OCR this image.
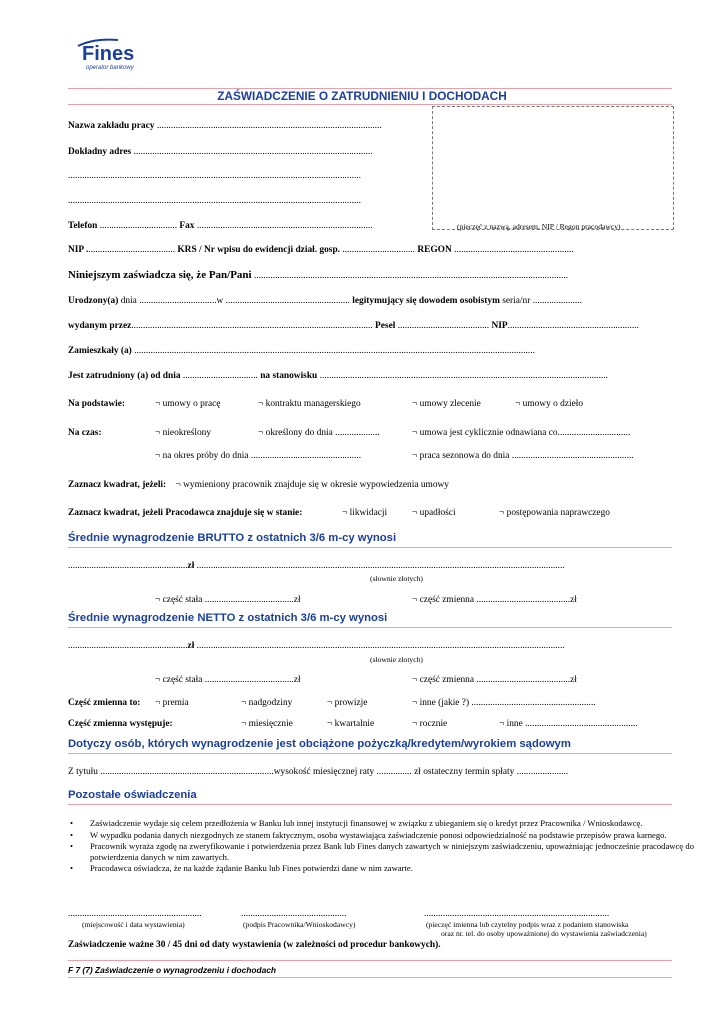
Fines
operator bankowy
ZAŚWIADCZENIE O ZATRUDNIENIU I DOCHODACH
(pieczęć z nazwą, adresem, NIP / Regon pracodawcy)
Nazwa zakładu pracy ................................................................................................
Dokładny adres ......................................................................................................
.............................................................................................................................
.............................................................................................................................
Telefon ................................. Fax ...........................................................................
NIP ...................................... KRS / Nr wpisu do ewidencji dział. gosp. ............................... REGON ...................................................
Niniejszym zaświadcza się, że Pan/Pani ......................................................................................................................................
Urodzony(a) dnia .................................w ..................................................... legitymujący się dowodem osobistym seria/nr .....................
wydanym przez....................................................................................................... Pesel ....................................... NIP........................................................
Zamieszkały (a) ...........................................................................................................................................................................
Jest zatrudniony (a) od dnia ................................ na stanowisku ...........................................................................................................................
Na podstawie:	¬ umowy o pracę	¬ kontraktu managerskiego	¬ umowy zlecenie	¬ umowy o dzieło
Na czas:	¬ nieokreślony	¬ określony do dnia ...................	¬ umowa jest cyklicznie odnawiana co...............................
¬ na okres próby do dnia ...............................................	¬ praca sezonowa do dnia ....................................................
Zaznacz kwadrat, jeżeli: ¬ wymieniony pracownik znajduje się w okresie wypowiedzenia umowy
Zaznacz kwadrat, jeżeli Pracodawca znajduje się w stanie:	¬ likwidacji	¬ upadłości	¬ postępowania naprawczego
Średnie wynagrodzenie BRUTTO z ostatnich 3/6 m-cy wynosi
...................................................zł .............................................................................................................................................................
(słownie złotych)
¬ część stała ......................................zł	¬ część zmienna ........................................zł
Średnie wynagrodzenie NETTO z ostatnich 3/6 m-cy wynosi
...................................................zł .............................................................................................................................................................
(słownie złotych)
¬ część stała ......................................zł	¬ część zmienna ........................................zł
Część zmienna to: ¬ premia	¬ nadgodziny	¬ prowizje	¬ inne (jakie ?) .....................................................
Część zmienna występuje:	¬ miesięcznie	¬ kwartalnie	¬ rocznie	¬ inne ................................................
Dotyczy osób, których wynagrodzenie jest obciążone pożyczką/kredytem/wyrokiem sądowym
Z tytułu ..........................................................................wysokość miesięcznej raty ............... zł ostateczny termin spłaty ......................
Pozostałe oświadczenia
• Zaświadczenie wydaje się celem przedłożenia w Banku lub innej instytucji finansowej w związku z ubieganiem się o kredyt przez Pracownika / Wnioskodawcę.
• W wypadku podania danych niezgodnych ze stanem faktycznym, osoba wystawiająca zaświadczenie ponosi odpowiedzialność na podstawie przepisów prawa karnego.
• Pracownik wyraża zgodę na zweryfikowanie i potwierdzenia przez Bank lub Fines danych zawartych w niniejszym zaświadczeniu, upoważniając jednocześnie pracodawcę do potwierdzenia danych w nim zawartych.
• Pracodawca oświadcza, że na każde żądanie Banku lub Fines potwierdzi dane w nim zawarte.
.........................................................
(miejscowość i data wystawienia)
.............................................
(podpis Pracownika/Wnioskodawcy)
...............................................................................
(pieczęć imienna lub czytelny podpis wraz z podaniem stanowiska
oraz nr. tel. do osoby upoważnionej do wystawienia zaświadczenia)
Zaświadczenie ważne 30 / 45 dni od daty wystawienia (w zależności od procedur bankowych).
F 7 (7) Zaświadczenie o wynagrodzeniu i dochodach
